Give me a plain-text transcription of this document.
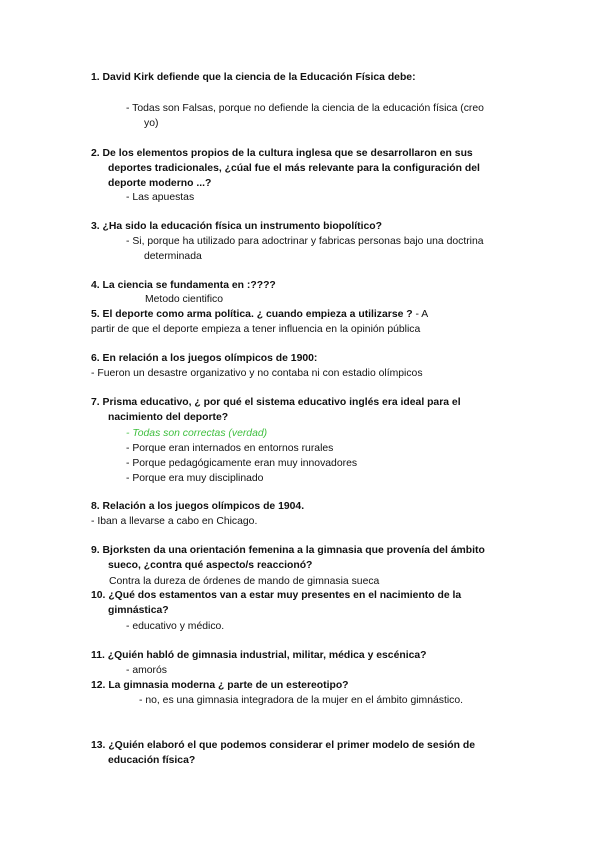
1. David Kirk defiende que la ciencia de la Educación Física debe:
- Todas son Falsas, porque no defiende la ciencia de la educación física (creo
yo)
2. De los elementos propios de la cultura inglesa que se desarrollaron en sus
deportes tradicionales, ¿cúal fue el más relevante para la configuración del
deporte moderno ...?
- Las apuestas
3. ¿Ha sido la educación física un instrumento biopolítico?
- Si, porque ha utilizado para adoctrinar y fabricas personas bajo una doctrina
determinada
4. La ciencia se fundamenta en :????
Metodo cientifico
5. El deporte como arma política. ¿ cuando empieza a utilizarse ? - A
partir de que el deporte empieza a tener influencia en la opinión pública
6. En relación a los juegos olímpicos de 1900:
- Fueron un desastre organizativo y no contaba ni con estadio olímpicos
7. Prisma educativo, ¿ por qué el sistema educativo inglés era ideal para el
nacimiento del deporte?
- Todas son correctas (verdad)
- Porque eran internados en entornos rurales
- Porque pedagógicamente eran muy innovadores
- Porque era muy disciplinado
8. Relación a los juegos olímpicos de 1904.
- Iban a llevarse a cabo en Chicago.
9. Bjorksten da una orientación femenina a la gimnasia que provenía del ámbito
sueco, ¿contra qué aspecto/s reaccionó?
Contra la dureza de órdenes de mando de gimnasia sueca
10. ¿Qué dos estamentos van a estar muy presentes en el nacimiento de la
gimnástica?
- educativo y médico.
11. ¿Quién habló de gimnasia industrial, militar, médica y escénica?
- amorós
12. La gimnasia moderna ¿ parte de un estereotipo?
- no, es una gimnasia integradora de la mujer en el ámbito gimnástico.
13. ¿Quién elaboró el que podemos considerar el primer modelo de sesión de
educación física?
